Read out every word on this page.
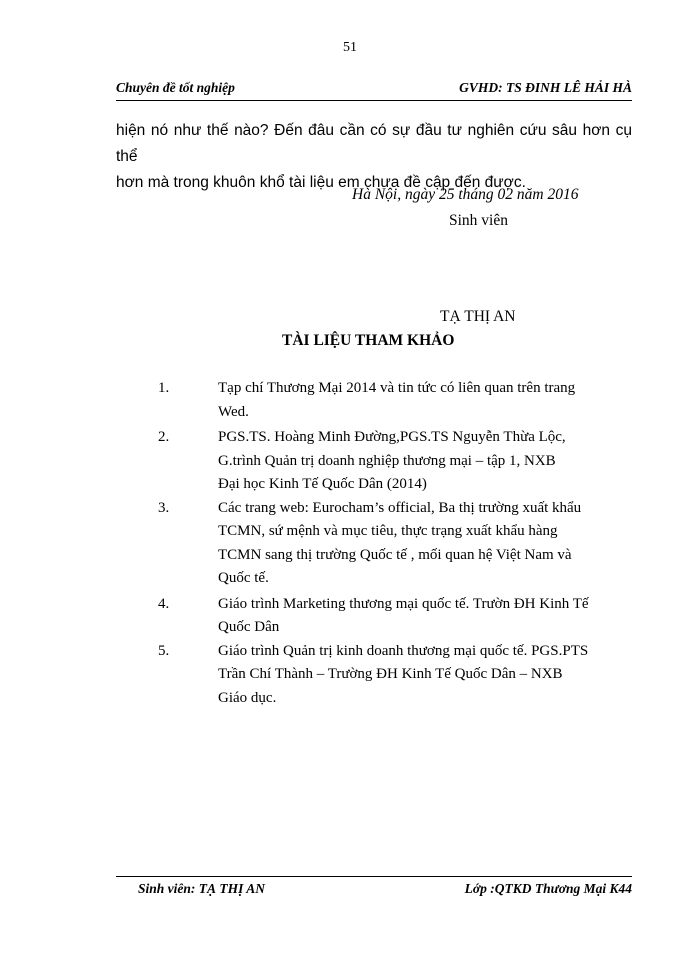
51
Chuyên đề tốt nghiệp	GVHD: TS ĐINH LÊ HẢI HÀ
hiện nó như thế nào? Đến đâu cần có sự đầu tư nghiên cứu sâu hơn cụ thể
hơn mà trong khuôn khổ tài liệu em chưa đề cập đến được.
Hà Nội, ngày 25 tháng 02 năm 2016
Sinh viên
TẠ THỊ AN
TÀI LIỆU THAM KHẢO
1.	Tạp chí Thương Mại 2014 và tin tức có liên quan trên trang
Wed.
2.	PGS.TS. Hoàng Minh Đường,PGS.TS Nguyễn Thừa Lộc,
G.trình Quản trị doanh nghiệp thương mại – tập 1, NXB
Đại học Kinh Tế Quốc Dân (2014)
3.	Các trang web: Eurocham’s official, Ba thị trường xuất khẩu
TCMN, sứ mệnh và mục tiêu, thực trạng xuất khẩu hàng
TCMN sang thị trường Quốc tế , mối quan hệ Việt Nam và
Quốc tế.
4.	Giáo trình Marketing thương mại quốc tế. Trườn ĐH Kinh Tế
Quốc Dân
5.	Giáo trình Quản trị kinh doanh thương mại quốc tế. PGS.PTS
Trần Chí Thành – Trường ĐH Kinh Tế Quốc Dân – NXB
Giáo dục.
Sinh viên: TẠ THỊ AN	Lớp :QTKD Thương Mại K44
